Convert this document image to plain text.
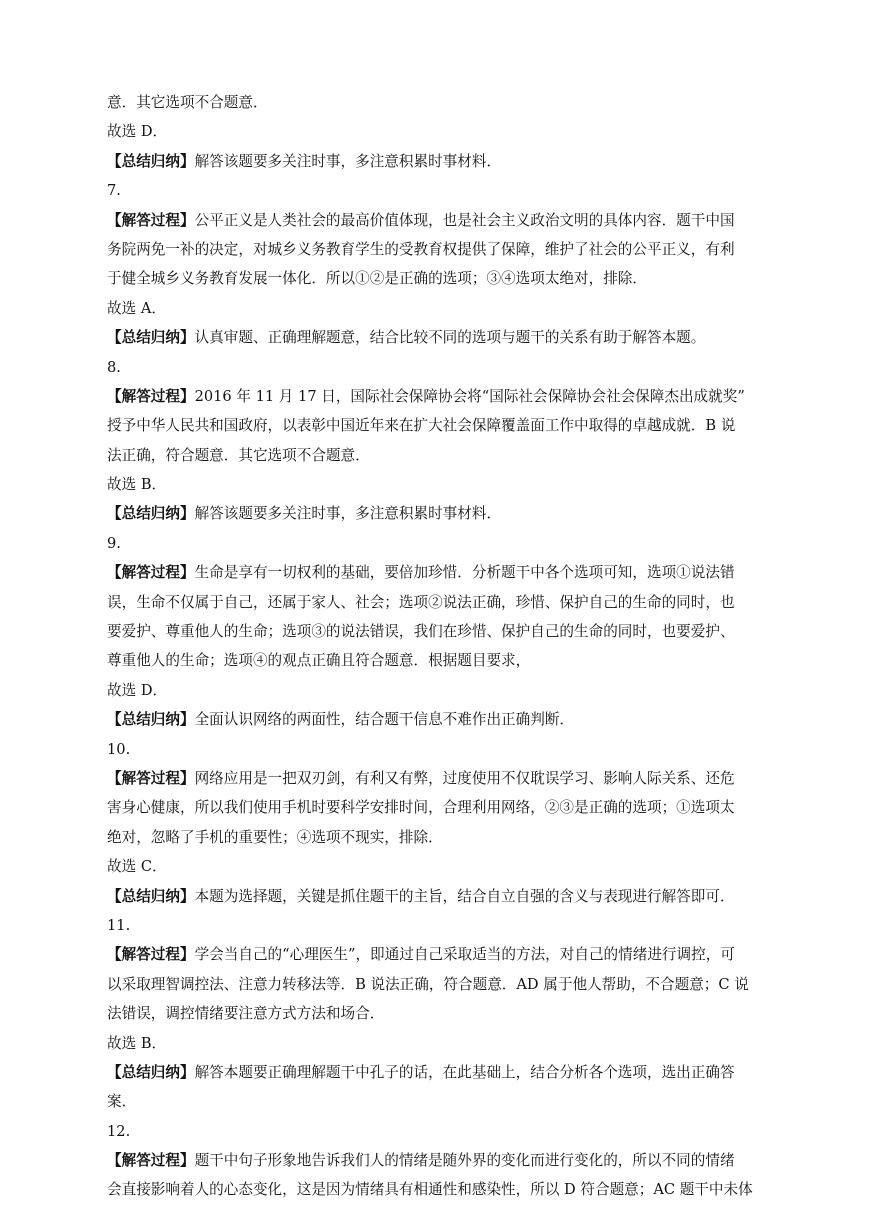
意．其它选项不合题意．
故选 D．
【总结归纳】解答该题要多关注时事，多注意积累时事材料．
7.
【解答过程】公平正义是人类社会的最高价值体现，也是社会主义政治文明的具体内容．题干中国
务院两免一补的决定，对城乡义务教育学生的受教育权提供了保障，维护了社会的公平正义，有利
于健全城乡义务教育发展一体化．所以①②是正确的选项；③④选项太绝对，排除．
故选 A．
【总结归纳】认真审题、正确理解题意，结合比较不同的选项与题干的关系有助于解答本题。
8.
【解答过程】2016 年 11 月 17 日，国际社会保障协会将“国际社会保障协会社会保障杰出成就奖”
授予中华人民共和国政府，以表彰中国近年来在扩大社会保障覆盖面工作中取得的卓越成就．B 说
法正确，符合题意．其它选项不合题意．
故选 B．
【总结归纳】解答该题要多关注时事，多注意积累时事材料．
9.
【解答过程】生命是享有一切权利的基础，要倍加珍惜．分析题干中各个选项可知，选项①说法错
误，生命不仅属于自己，还属于家人、社会；选项②说法正确，珍惜、保护自己的生命的同时，也
要爱护、尊重他人的生命；选项③的说法错误，我们在珍惜、保护自己的生命的同时，也要爱护、
尊重他人的生命；选项④的观点正确且符合题意．根据题目要求，
故选 D．
【总结归纳】全面认识网络的两面性，结合题干信息不难作出正确判断．
10.
【解答过程】网络应用是一把双刃剑，有利又有弊，过度使用不仅耽误学习、影响人际关系、还危
害身心健康，所以我们使用手机时要科学安排时间，合理利用网络，②③是正确的选项；①选项太
绝对，忽略了手机的重要性；④选项不现实，排除．
故选 C．
【总结归纳】本题为选择题，关键是抓住题干的主旨，结合自立自强的含义与表现进行解答即可．
11.
【解答过程】学会当自己的“心理医生”，即通过自己采取适当的方法，对自己的情绪进行调控，可
以采取理智调控法、注意力转移法等．B 说法正确，符合题意．AD 属于他人帮助，不合题意；C 说
法错误，调控情绪要注意方式方法和场合．
故选 B．
【总结归纳】解答本题要正确理解题干中孔子的话，在此基础上，结合分析各个选项，选出正确答
案．
12.
【解答过程】题干中句子形象地告诉我们人的情绪是随外界的变化而进行变化的，所以不同的情绪
会直接影响着人的心态变化，这是因为情绪具有相通性和感染性，所以 D 符合题意；AC 题干中未体
